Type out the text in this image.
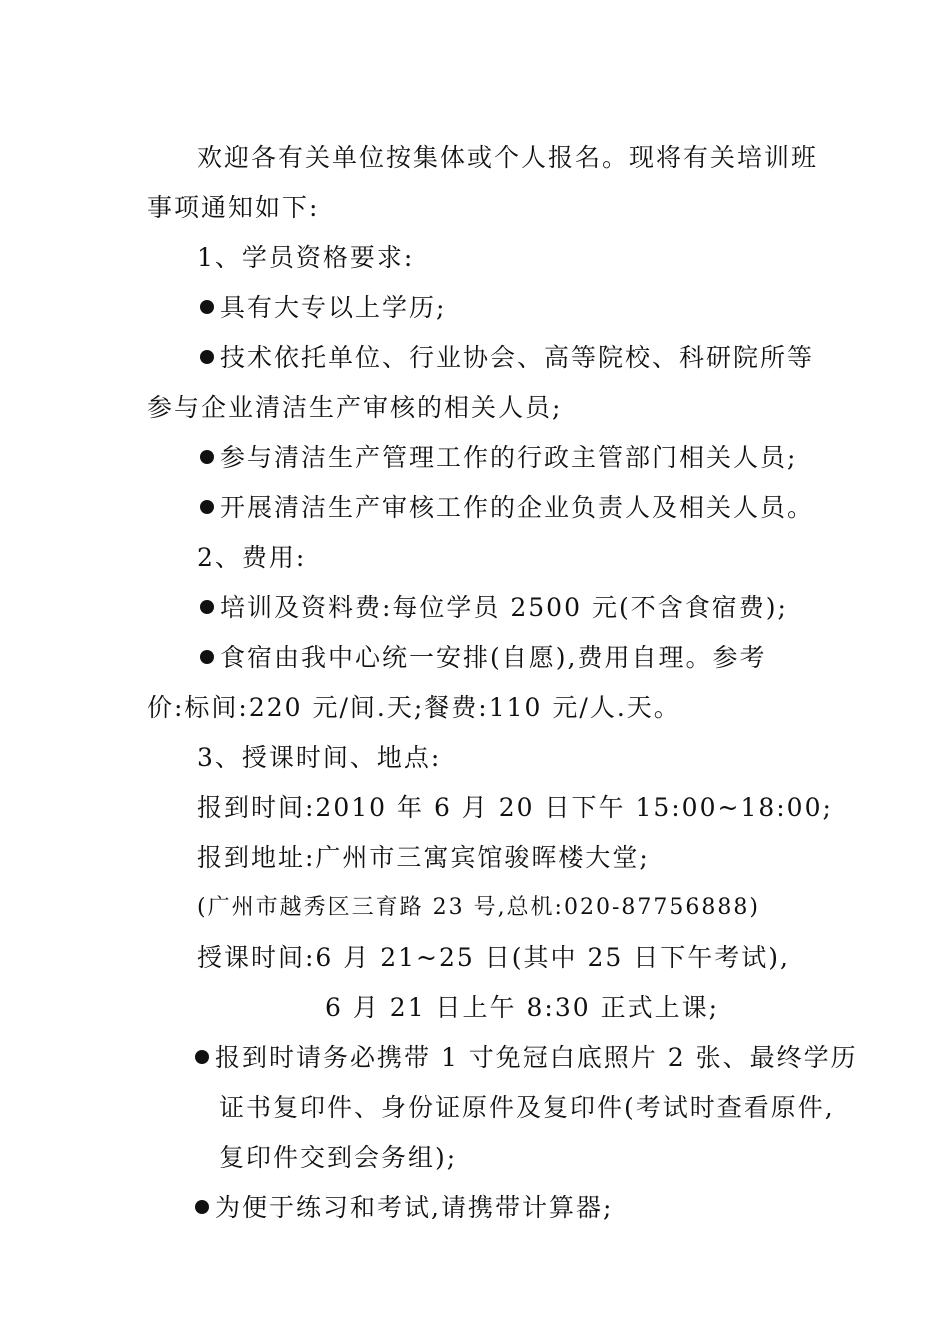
欢迎各有关单位按集体或个人报名。现将有关培训班
事项通知如下:
1、学员资格要求:
具有大专以上学历;
技术依托单位、行业协会、高等院校、科研院所等
参与企业清洁生产审核的相关人员;
参与清洁生产管理工作的行政主管部门相关人员;
开展清洁生产审核工作的企业负责人及相关人员。
2、费用:
培训及资料费:每位学员 2500 元(不含食宿费);
食宿由我中心统一安排(自愿),费用自理。参考
价:标间:220 元/间.天;餐费:110 元/人.天。
3、授课时间、地点:
报到时间:2010 年 6 月 20 日下午 15:00~18:00;
报到地址:广州市三寓宾馆骏晖楼大堂;
(广州市越秀区三育路 23 号,总机:020-87756888)
授课时间:6 月 21~25 日(其中 25 日下午考试),
6 月 21 日上午 8:30 正式上课;
报到时请务必携带 1 寸免冠白底照片 2 张、最终学历
证书复印件、身份证原件及复印件(考试时查看原件,
复印件交到会务组);
为便于练习和考试,请携带计算器;
